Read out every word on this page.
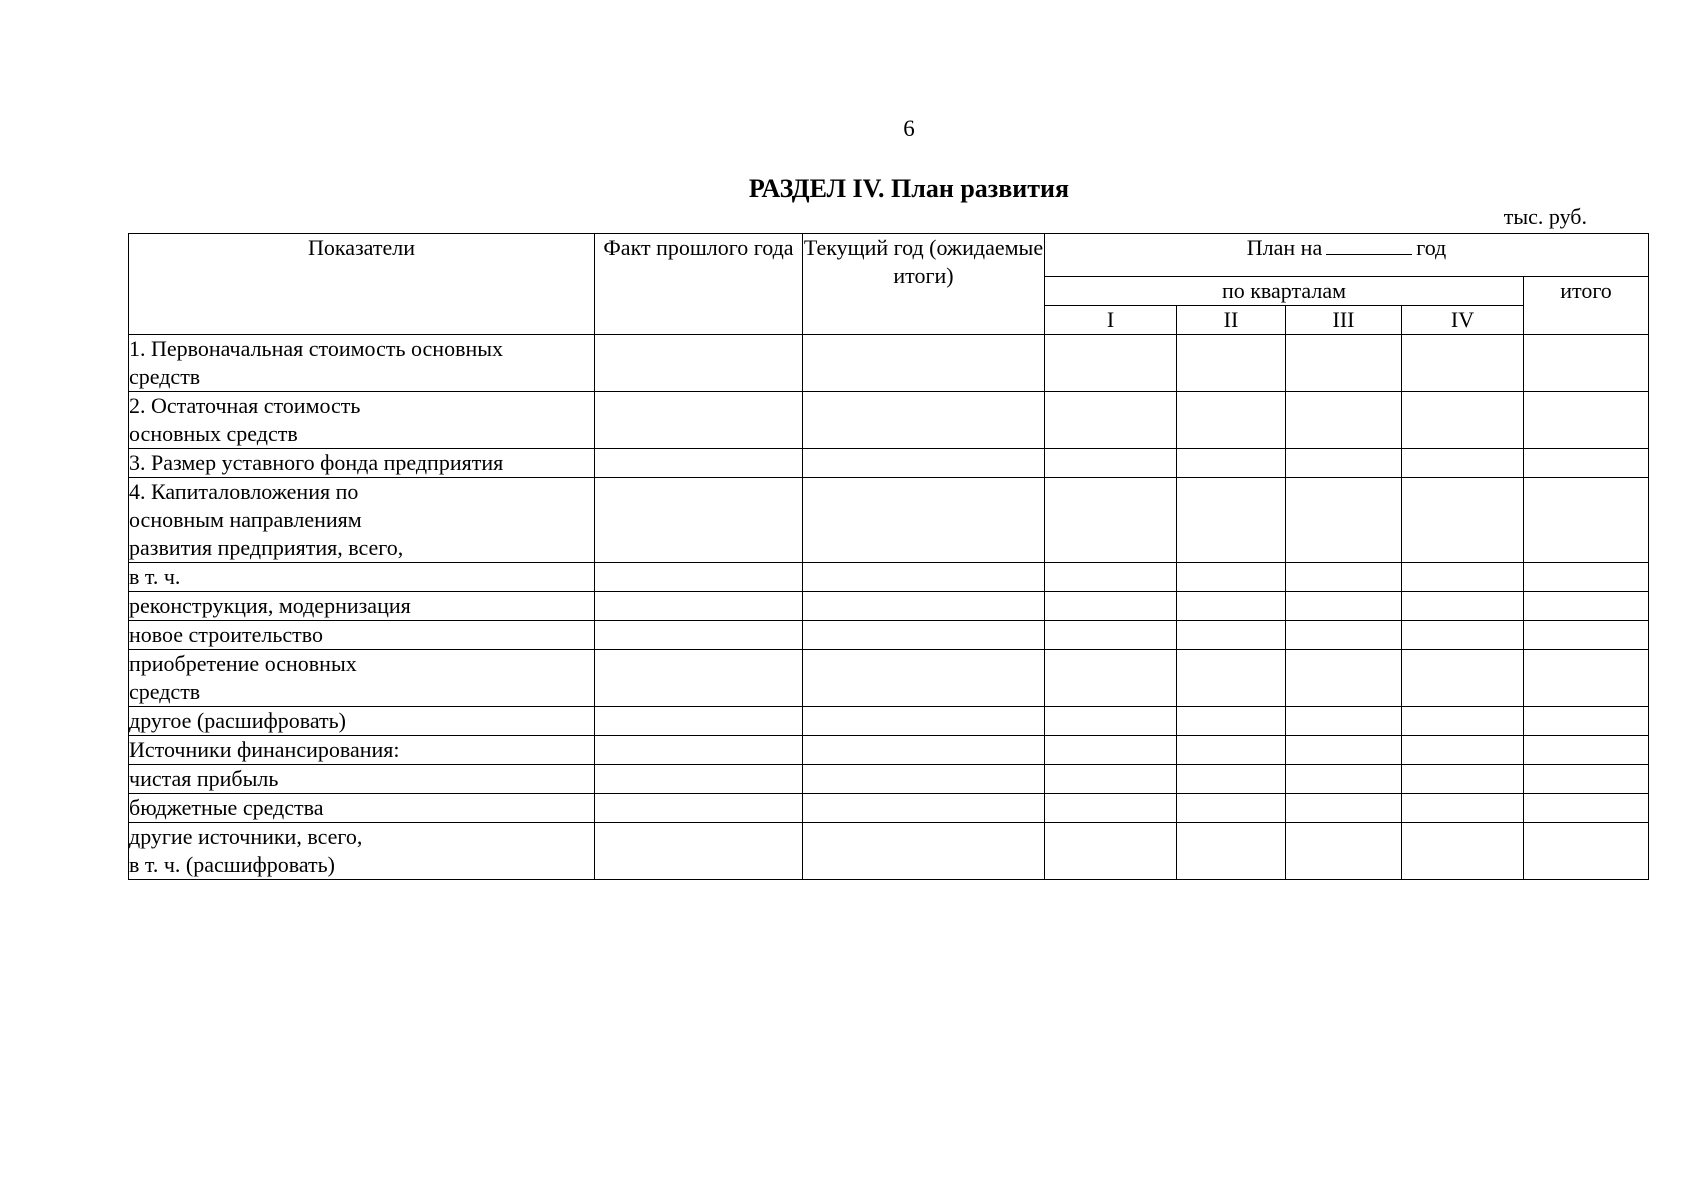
6
РАЗДЕЛ IV. План развития
тыс. руб.
Показатели	Факт прошлого года	Текущий год (ожидаемые итоги)	План на год				
			по кварталам				итого
			I	II	III	IV	

1. Первоначальная стоимость основных
средств							

2. Остаточная стоимость
основных средств							

3. Размер уставного фонда предприятия							

4. Капиталовложения по
основным направлениям
развития предприятия, всего,							

в т. ч.							

реконструкция, модернизация							

новое строительство							

приобретение основных
средств							

другое (расшифровать)							

Источники финансирования:							

чистая прибыль							

бюджетные средства							

другие источники, всего,
в т. ч. (расшифровать)							
